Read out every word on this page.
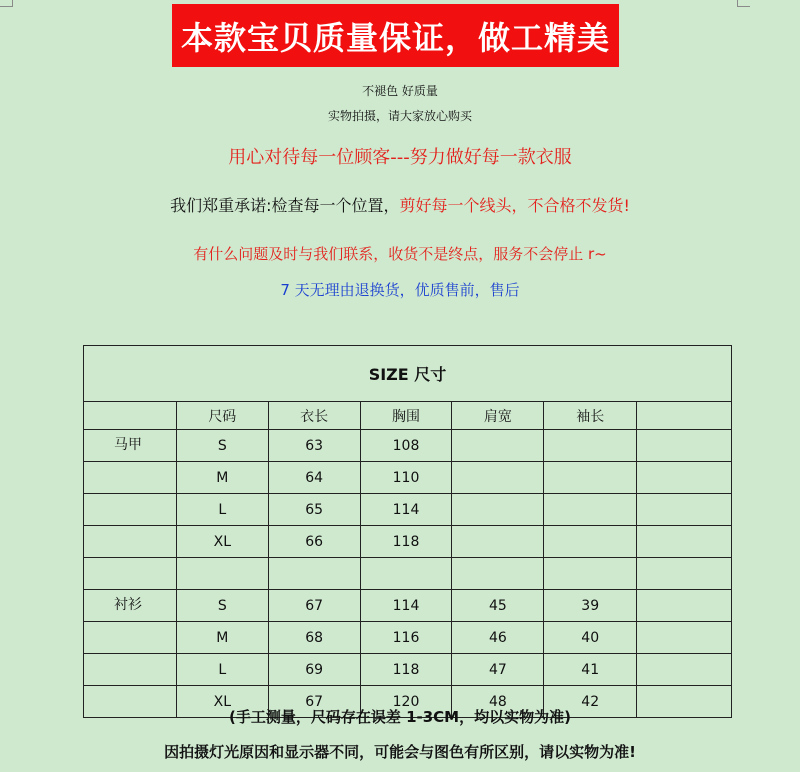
本款宝贝质量保证，做工精美
不褪色 好质量
实物拍摄，请大家放心购买
用心对待每一位顾客---努力做好每一款衣服
我们郑重承诺:检查每一个位置，剪好每一个线头，不合格不发货!
有什么问题及时与我们联系，收货不是终点，服务不会停止 r~
7 天无理由退换货，优质售前，售后
SIZE 尺寸						
	尺码	衣长	胸围	肩宽	袖长	
马甲	S	63	108			
	M	64	110			
	L	65	114			
	XL	66	118			

衬衫	S	67	114	45	39	
	M	68	116	46	40	
	L	69	118	47	41	
	XL	67	120	48	42	
(手工测量，尺码存在误差 1-3CM，均以实物为准)
因拍摄灯光原因和显示器不同，可能会与图色有所区别，请以实物为准!
